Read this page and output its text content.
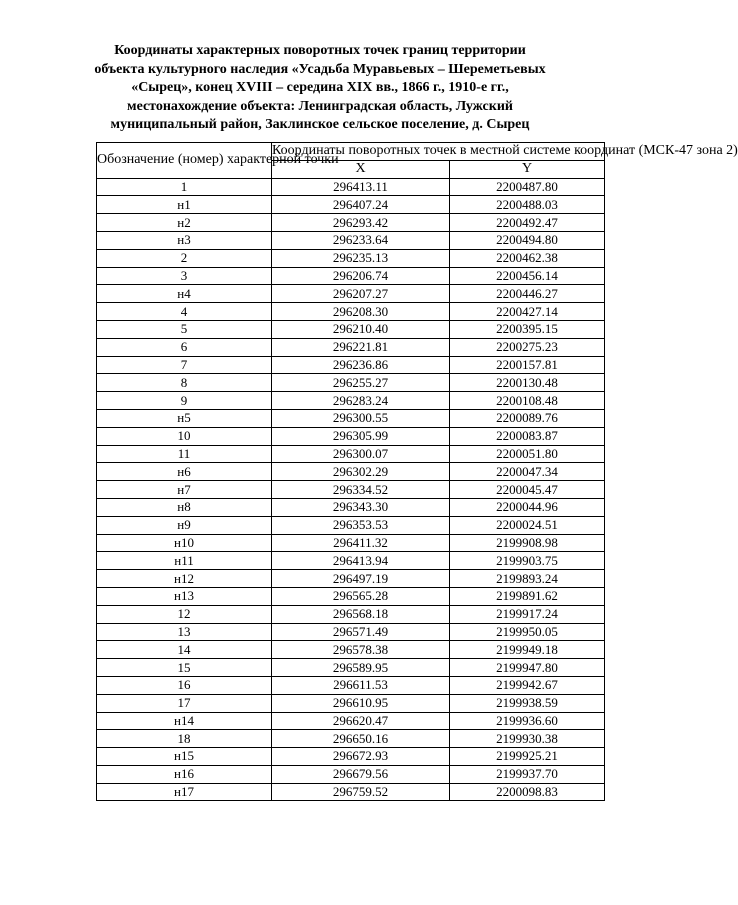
Координаты характерных поворотных точек границ территории
объекта культурного наследия «Усадьба Муравьевых – Шереметьевых
«Сырец», конец XVIII – середина XIX вв., 1866 г., 1910-е гг.,
местонахождение объекта: Ленинградская область, Лужский
муниципальный район, Заклинское сельское поселение, д. Сырец
Обозначение (номер) характерной точки	Координаты поворотных точек в местной системе координат (МСК-47 зона 2)	
	X	Y
1	296413.11	2200487.80
н1	296407.24	2200488.03
н2	296293.42	2200492.47
н3	296233.64	2200494.80
2	296235.13	2200462.38
3	296206.74	2200456.14
н4	296207.27	2200446.27
4	296208.30	2200427.14
5	296210.40	2200395.15
6	296221.81	2200275.23
7	296236.86	2200157.81
8	296255.27	2200130.48
9	296283.24	2200108.48
н5	296300.55	2200089.76
10	296305.99	2200083.87
11	296300.07	2200051.80
н6	296302.29	2200047.34
н7	296334.52	2200045.47
н8	296343.30	2200044.96
н9	296353.53	2200024.51
н10	296411.32	2199908.98
н11	296413.94	2199903.75
н12	296497.19	2199893.24
н13	296565.28	2199891.62
12	296568.18	2199917.24
13	296571.49	2199950.05
14	296578.38	2199949.18
15	296589.95	2199947.80
16	296611.53	2199942.67
17	296610.95	2199938.59
н14	296620.47	2199936.60
18	296650.16	2199930.38
н15	296672.93	2199925.21
н16	296679.56	2199937.70
н17	296759.52	2200098.83
